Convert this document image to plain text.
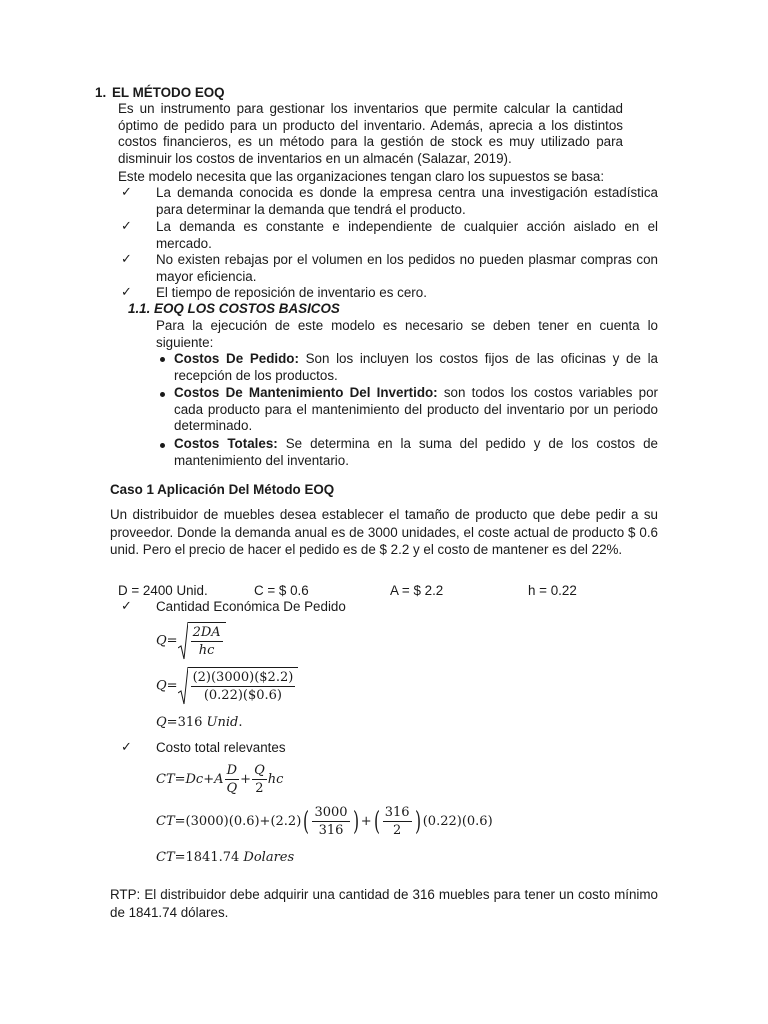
1. EL MÉTODO EOQ
Es un instrumento para gestionar los inventarios que permite calcular la cantidad óptimo de pedido para un producto del inventario. Además, aprecia a los distintos costos financieros, es un método para la gestión de stock es muy utilizado para disminuir los costos de inventarios en un almacén (Salazar, 2019).
Este modelo necesita que las organizaciones tengan claro los supuestos se basa:
✓ La demanda conocida es donde la empresa centra una investigación estadística para determinar la demanda que tendrá el producto.
✓ La demanda es constante e independiente de cualquier acción aislado en el mercado.
✓ No existen rebajas por el volumen en los pedidos no pueden plasmar compras con mayor eficiencia.
✓ El tiempo de reposición de inventario es cero.
1.1. EOQ LOS COSTOS BASICOS
Para la ejecución de este modelo es necesario se deben tener en cuenta lo siguiente:
Costos De Pedido: Son los incluyen los costos fijos de las oficinas y de la recepción de los productos.
Costos De Mantenimiento Del Invertido: son todos los costos variables por cada producto para el mantenimiento del producto del inventario por un periodo determinado.
Costos Totales: Se determina en la suma del pedido y de los costos de mantenimiento del inventario.
Caso 1 Aplicación Del Método EOQ
Un distribuidor de muebles desea establecer el tamaño de producto que debe pedir a su proveedor. Donde la demanda anual es de 3000 unidades, el coste actual de producto $ 0.6 unid. Pero el precio de hacer el pedido es de $ 2.2 y el costo de mantener es del 22%.
D = 2400 Unid.	C = $ 0.6	A = $ 2.2	h = 0.22
✓ Cantidad Económica De Pedido
$Q= \frac{2DA}{hc}$
$Q= \frac{(2)(3000)(\$2.2)}{(0.22)(\$0.6)}$
Q=316 Unid.
✓ Costo total relevantes
$CT=Dc+A \frac{D}{Q} + \frac{Q}{2}$ hc
$CT=(3000)(0.6)+(2.2)( \frac{3000}{316}$ ) +( $\frac{316}{2}$ ) (0.22)(0.6)
CT=1841.74 Dolares
RTP: El distribuidor debe adquirir una cantidad de 316 muebles para tener un costo mínimo de 1841.74 dólares.
